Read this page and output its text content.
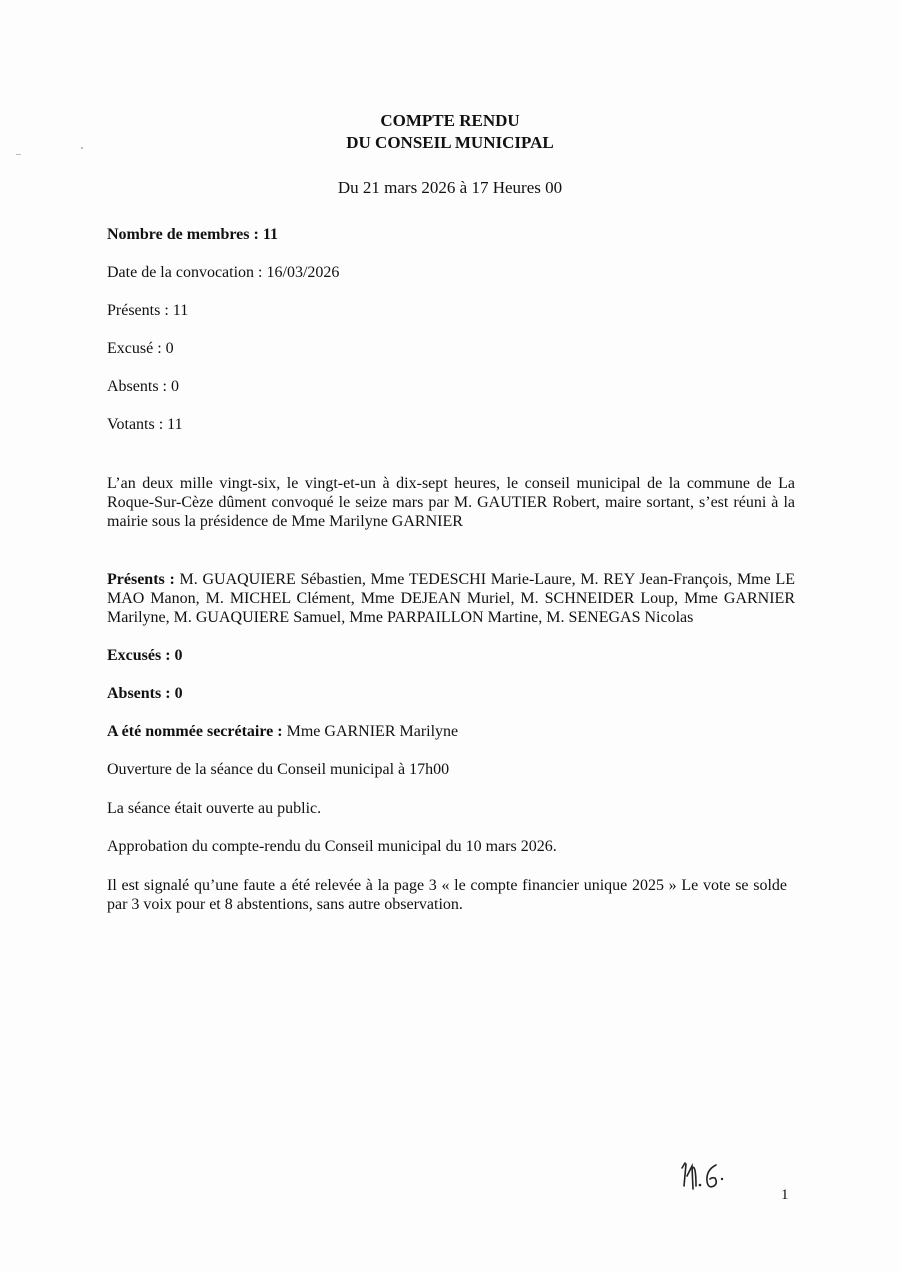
COMPTE RENDU
DU CONSEIL MUNICIPAL
Du 21 mars 2026 à 17 Heures 00
Nombre de membres : 11
Date de la convocation : 16/03/2026
Présents : 11
Excusé : 0
Absents : 0
Votants : 11
L’an deux mille vingt-six, le vingt-et-un à dix-sept heures, le conseil municipal de la commune de La Roque-Sur-Cèze dûment convoqué le seize mars par M. GAUTIER Robert, maire sortant, s’est réuni à la mairie sous la présidence de Mme Marilyne GARNIER
Présents : M. GUAQUIERE Sébastien, Mme TEDESCHI Marie-Laure, M. REY Jean-François, Mme LE MAO Manon, M. MICHEL Clément, Mme DEJEAN Muriel, M. SCHNEIDER Loup, Mme GARNIER Marilyne, M. GUAQUIERE Samuel, Mme PARPAILLON Martine, M. SENEGAS Nicolas
Excusés : 0
Absents : 0
A été nommée secrétaire : Mme GARNIER Marilyne
Ouverture de la séance du Conseil municipal à 17h00
La séance était ouverte au public.
Approbation du compte-rendu du Conseil municipal du 10 mars 2026.
Il est signalé qu’une faute a été relevée à la page 3 « le compte financier unique 2025 » Le vote se solde par 3 voix pour et 8 abstentions, sans autre observation.
1
